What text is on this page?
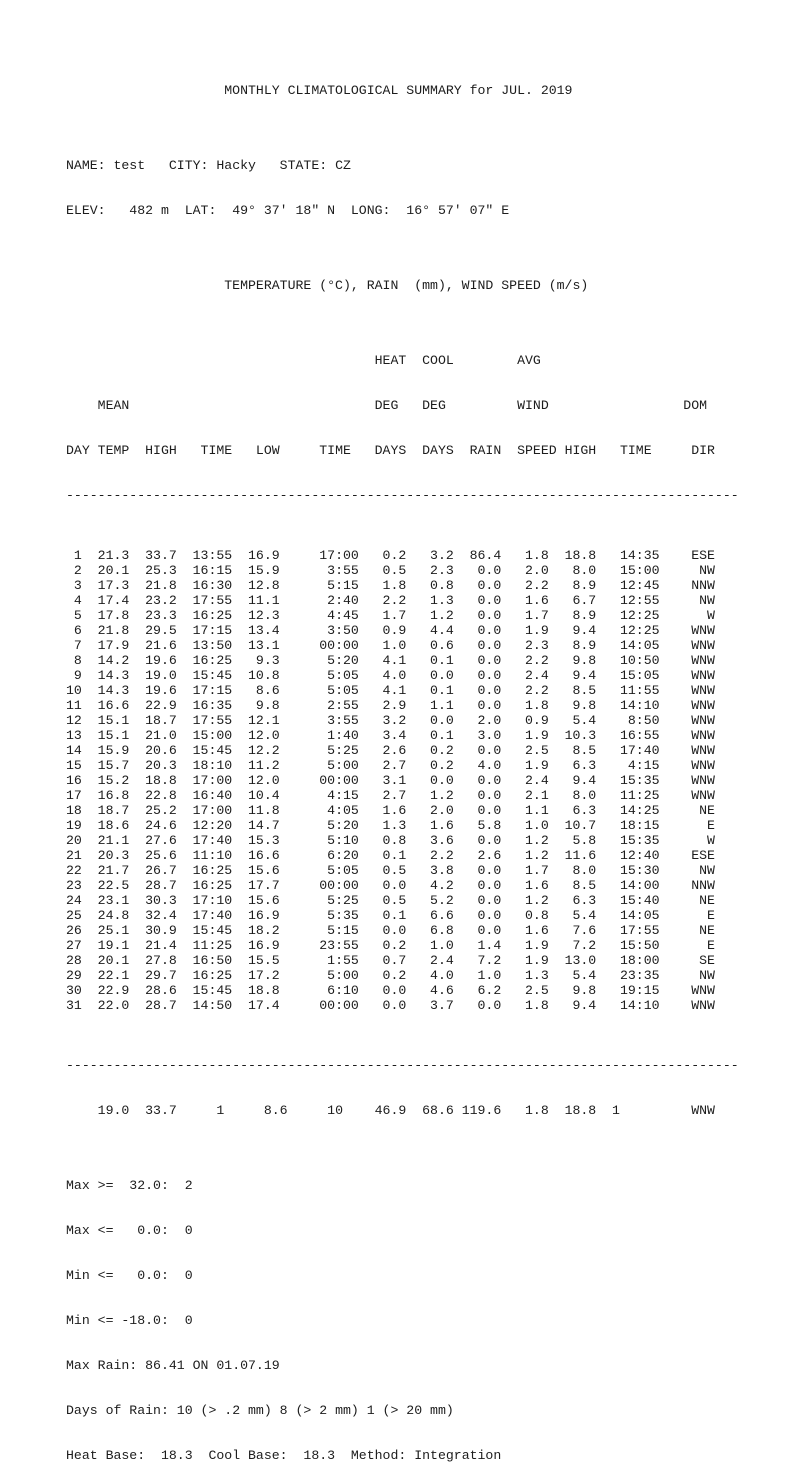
MONTHLY CLIMATOLOGICAL SUMMARY for JUL. 2019

NAME: test   CITY: Hacky   STATE: CZ

ELEV:   482 m  LAT:  49° 37' 18" N  LONG:  16° 57' 07" E

TEMPERATURE (°C), RAIN  (mm), WIND SPEED (m/s)

HEAT  COOL        AVG

MEAN                               DEG   DEG         WIND                 DOM

DAY TEMP  HIGH   TIME   LOW     TIME   DAYS  DAYS  RAIN  SPEED HIGH   TIME     DIR

-------------------------------------------------------------------------------------

1  21.3  33.7  13:55  16.9     17:00   0.2   3.2  86.4   1.8  18.8   14:35    ESE
2  20.1  25.3  16:15  15.9      3:55   0.5   2.3   0.0   2.0   8.0   15:00     NW
3  17.3  21.8  16:30  12.8      5:15   1.8   0.8   0.0   2.2   8.9   12:45    NNW
4  17.4  23.2  17:55  11.1      2:40   2.2   1.3   0.0   1.6   6.7   12:55     NW
5  17.8  23.3  16:25  12.3      4:45   1.7   1.2   0.0   1.7   8.9   12:25      W
6  21.8  29.5  17:15  13.4      3:50   0.9   4.4   0.0   1.9   9.4   12:25    WNW
7  17.9  21.6  13:50  13.1     00:00   1.0   0.6   0.0   2.3   8.9   14:05    WNW
8  14.2  19.6  16:25   9.3      5:20   4.1   0.1   0.0   2.2   9.8   10:50    WNW
9  14.3  19.0  15:45  10.8      5:05   4.0   0.0   0.0   2.4   9.4   15:05    WNW
10  14.3  19.6  17:15   8.6      5:05   4.1   0.1   0.0   2.2   8.5   11:55    WNW
11  16.6  22.9  16:35   9.8      2:55   2.9   1.1   0.0   1.8   9.8   14:10    WNW
12  15.1  18.7  17:55  12.1      3:55   3.2   0.0   2.0   0.9   5.4    8:50    WNW
13  15.1  21.0  15:00  12.0      1:40   3.4   0.1   3.0   1.9  10.3   16:55    WNW
14  15.9  20.6  15:45  12.2      5:25   2.6   0.2   0.0   2.5   8.5   17:40    WNW
15  15.7  20.3  18:10  11.2      5:00   2.7   0.2   4.0   1.9   6.3    4:15    WNW
16  15.2  18.8  17:00  12.0     00:00   3.1   0.0   0.0   2.4   9.4   15:35    WNW
17  16.8  22.8  16:40  10.4      4:15   2.7   1.2   0.0   2.1   8.0   11:25    WNW
18  18.7  25.2  17:00  11.8      4:05   1.6   2.0   0.0   1.1   6.3   14:25     NE
19  18.6  24.6  12:20  14.7      5:20   1.3   1.6   5.8   1.0  10.7   18:15      E
20  21.1  27.6  17:40  15.3      5:10   0.8   3.6   0.0   1.2   5.8   15:35      W
21  20.3  25.6  11:10  16.6      6:20   0.1   2.2   2.6   1.2  11.6   12:40    ESE
22  21.7  26.7  16:25  15.6      5:05   0.5   3.8   0.0   1.7   8.0   15:30     NW
23  22.5  28.7  16:25  17.7     00:00   0.0   4.2   0.0   1.6   8.5   14:00    NNW
24  23.1  30.3  17:10  15.6      5:25   0.5   5.2   0.0   1.2   6.3   15:40     NE
25  24.8  32.4  17:40  16.9      5:35   0.1   6.6   0.0   0.8   5.4   14:05      E
26  25.1  30.9  15:45  18.2      5:15   0.0   6.8   0.0   1.6   7.6   17:55     NE
27  19.1  21.4  11:25  16.9     23:55   0.2   1.0   1.4   1.9   7.2   15:50      E
28  20.1  27.8  16:50  15.5      1:55   0.7   2.4   7.2   1.9  13.0   18:00     SE
29  22.1  29.7  16:25  17.2      5:00   0.2   4.0   1.0   1.3   5.4   23:35     NW
30  22.9  28.6  15:45  18.8      6:10   0.0   4.6   6.2   2.5   9.8   19:15    WNW
31  22.0  28.7  14:50  17.4     00:00   0.0   3.7   0.0   1.8   9.4   14:10    WNW

-------------------------------------------------------------------------------------

19.0  33.7     1     8.6     10    46.9  68.6 119.6   1.8  18.8  1         WNW

Max >=  32.0:  2

Max <=   0.0:  0

Min <=   0.0:  0

Min <= -18.0:  0

Max Rain: 86.41 ON 01.07.19

Days of Rain: 10 (> .2 mm) 8 (> 2 mm) 1 (> 20 mm)

Heat Base:  18.3  Cool Base:  18.3  Method: Integration
